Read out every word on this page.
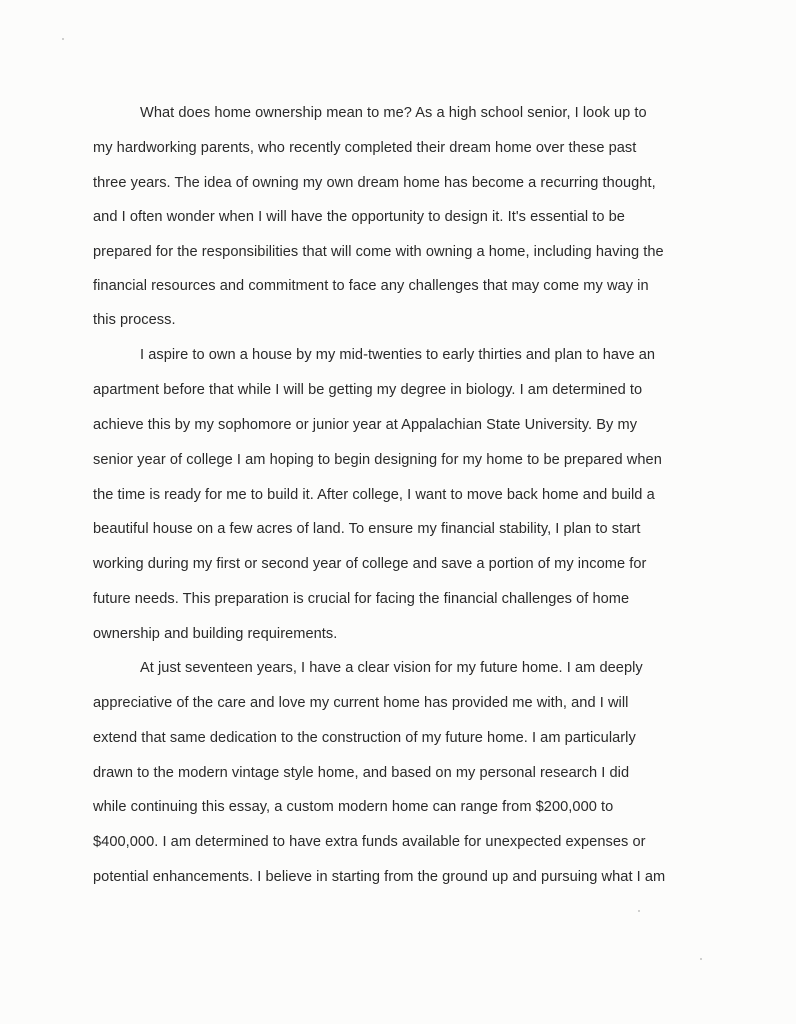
What does home ownership mean to me? As a high school senior, I look up to

my hardworking parents, who recently completed their dream home over these past

three years. The idea of owning my own dream home has become a recurring thought,

and I often wonder when I will have the opportunity to design it. It's essential to be

prepared for the responsibilities that will come with owning a home, including having the

financial resources and commitment to face any challenges that may come my way in

this process.

I aspire to own a house by my mid-twenties to early thirties and plan to have an

apartment before that while I will be getting my degree in biology. I am determined to

achieve this by my sophomore or junior year at Appalachian State University. By my

senior year of college I am hoping to begin designing for my home to be prepared when

the time is ready for me to build it. After college, I want to move back home and build a

beautiful house on a few acres of land. To ensure my financial stability, I plan to start

working during my first or second year of college and save a portion of my income for

future needs. This preparation is crucial for facing the financial challenges of home

ownership and building requirements.

At just seventeen years, I have a clear vision for my future home. I am deeply

appreciative of the care and love my current home has provided me with, and I will

extend that same dedication to the construction of my future home. I am particularly

drawn to the modern vintage style home, and based on my personal research I did

while continuing this essay, a custom modern home can range from $200,000 to

$400,000. I am determined to have extra funds available for unexpected expenses or

potential enhancements. I believe in starting from the ground up and pursuing what I am
